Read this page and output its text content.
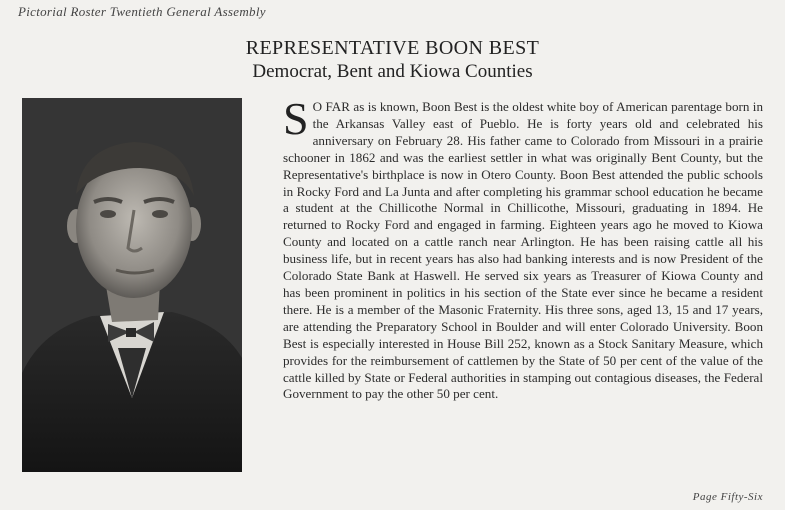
Pictorial Roster Twentieth General Assembly
REPRESENTATIVE BOON BEST
Democrat, Bent and Kiowa Counties
S O FAR as is known, Boon Best is the oldest white boy of American parentage born in the Arkansas Valley east of Pueblo. He is forty years old and celebrated his anniversary on February 28. His father came to Colorado from Missouri in a prairie schooner in 1862 and was the earliest settler in what was originally Bent County, but the Representative's birthplace is now in Otero County. Boon Best attended the public schools in Rocky Ford and La Junta and after completing his grammar school education he became a student at the Chillicothe Normal in Chillicothe, Missouri, graduating in 1894. He returned to Rocky Ford and engaged in farming. Eighteen years ago he moved to Kiowa County and located on a cattle ranch near Arlington. He has been raising cattle all his business life, but in recent years has also had banking interests and is now President of the Colorado State Bank at Haswell. He served six years as Treasurer of Kiowa County and has been prominent in politics in his section of the State ever since he became a resident there. He is a member of the Masonic Fraternity. His three sons, aged 13, 15 and 17 years, are attending the Preparatory School in Boulder and will enter Colorado University. Boon Best is especially interested in House Bill 252, known as a Stock Sanitary Measure, which provides for the reimbursement of cattlemen by the State of 50 per cent of the value of the cattle killed by State or Federal authorities in stamping out contagious diseases, the Federal Government to pay the other 50 per cent.
Page Fifty-Six
